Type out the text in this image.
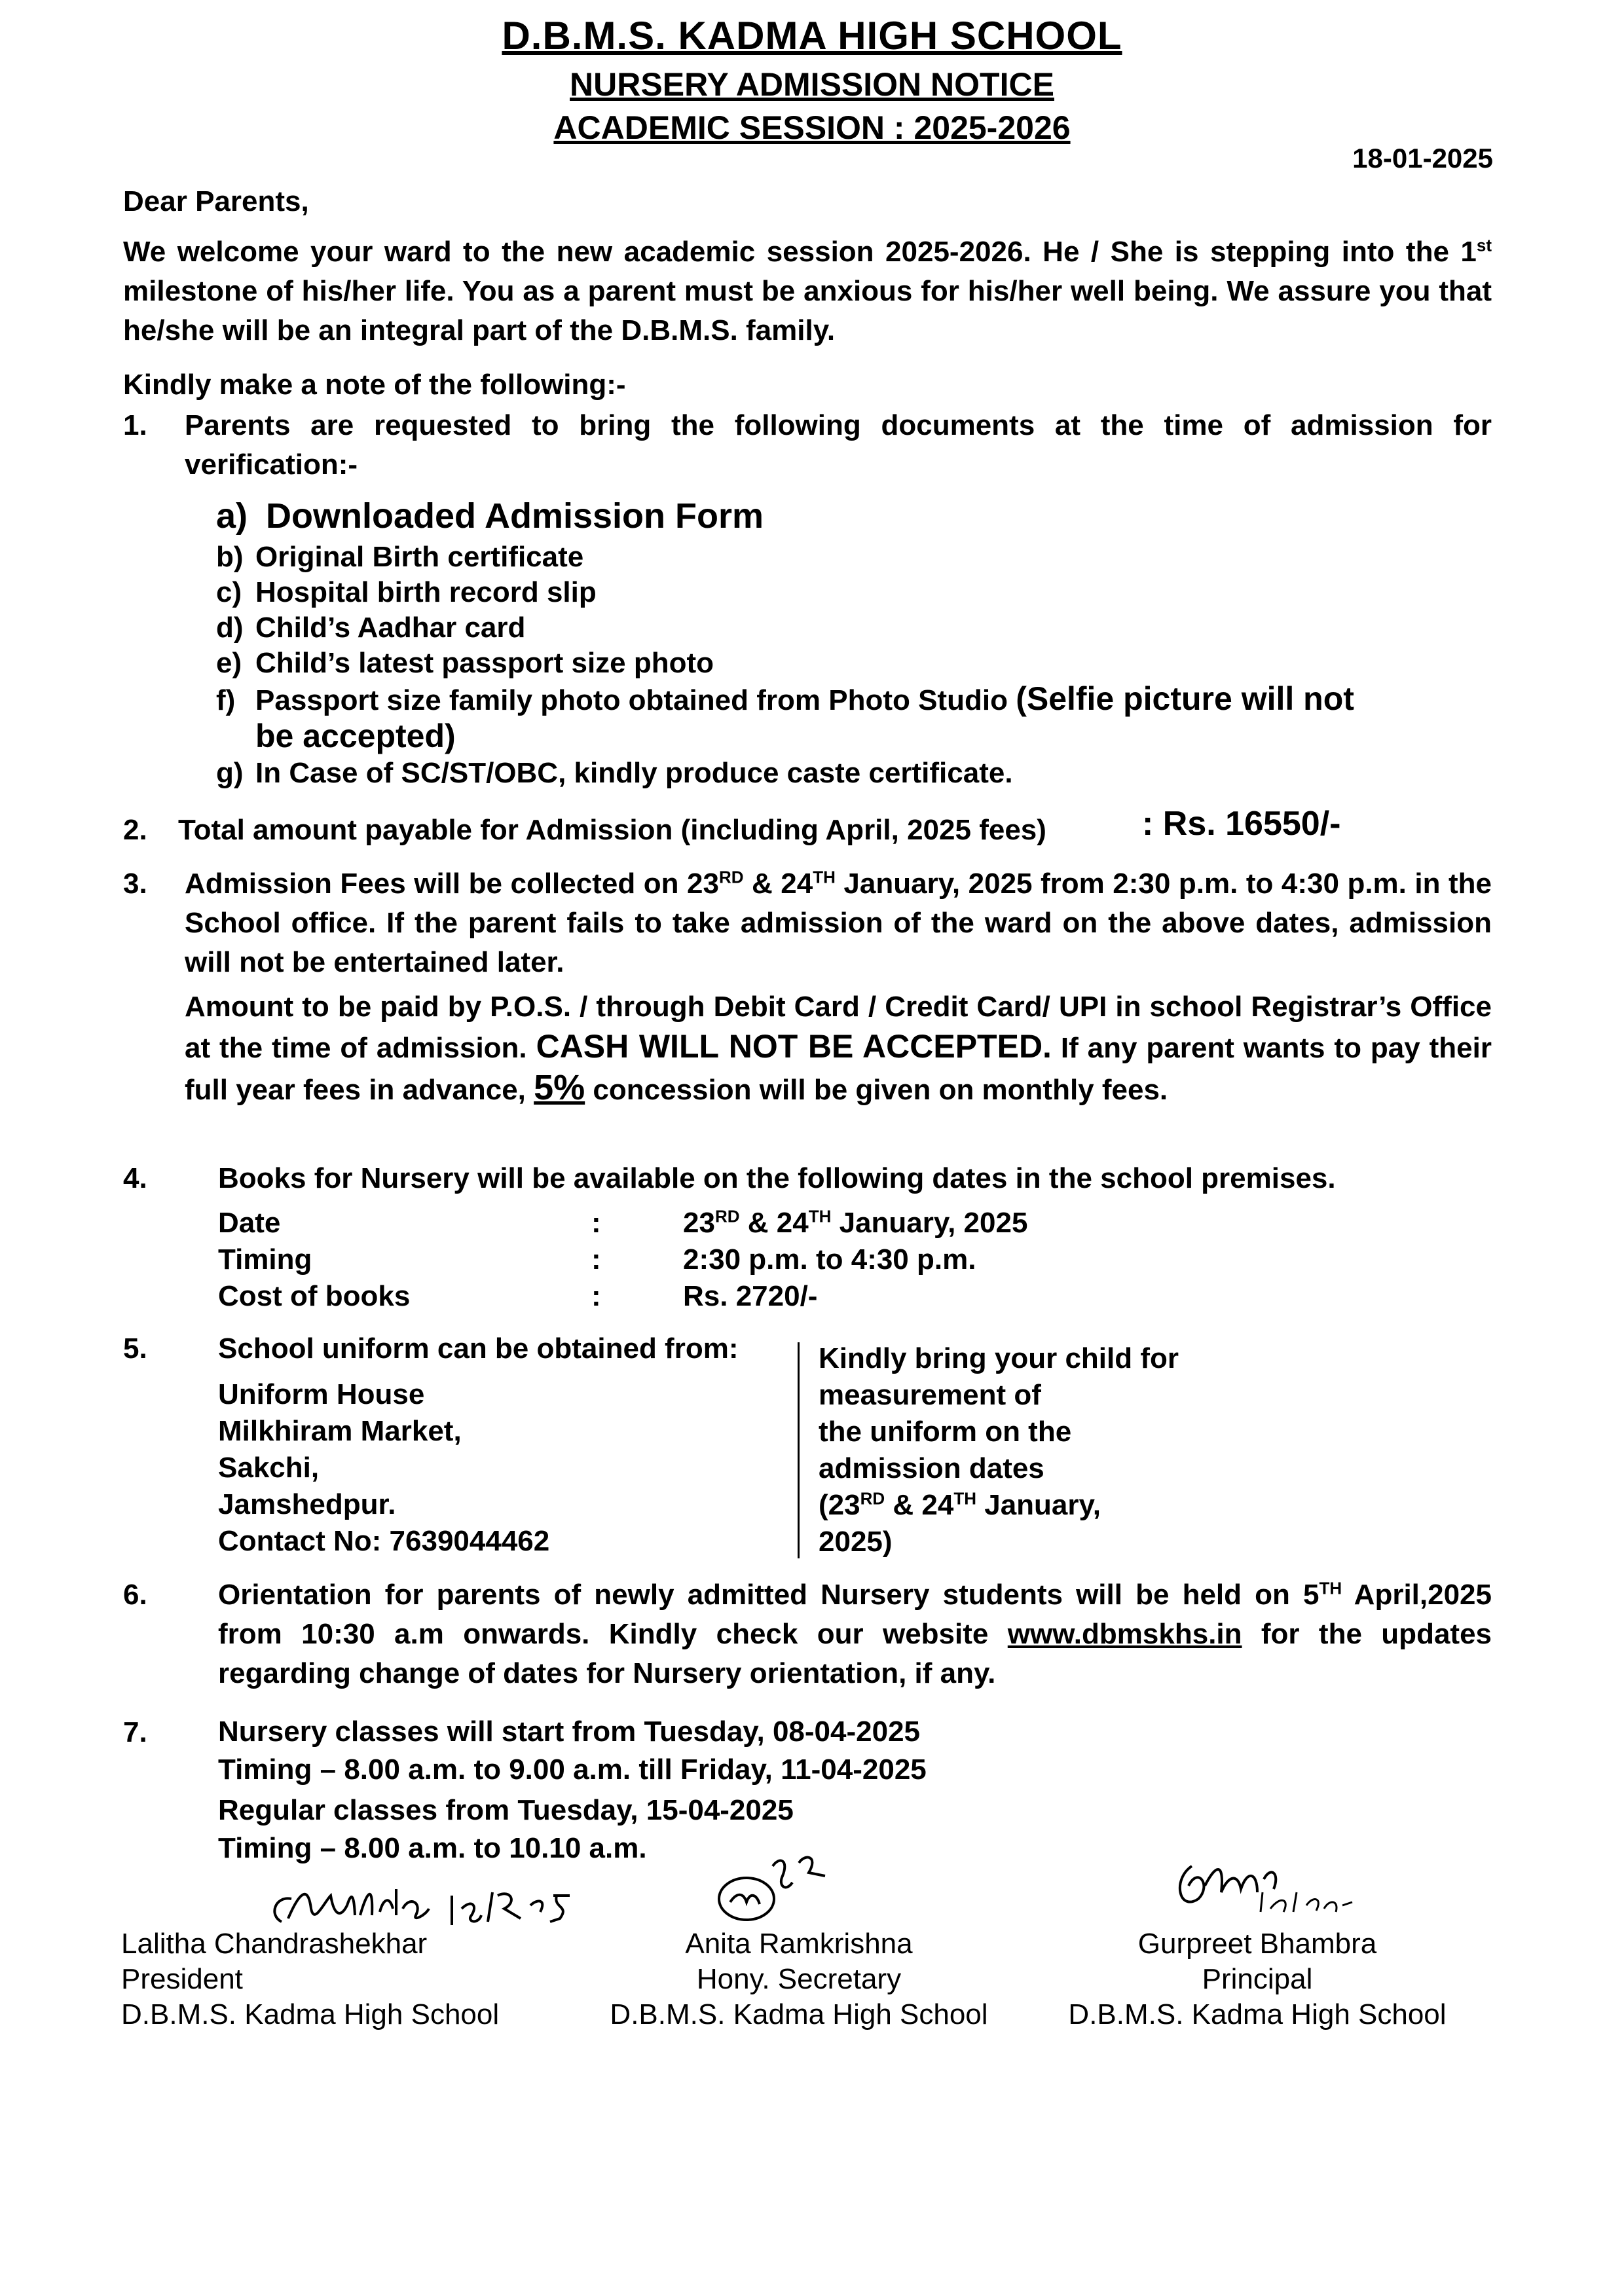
D.B.M.S. KADMA HIGH SCHOOL
NURSERY ADMISSION NOTICE
ACADEMIC SESSION : 2025-2026
18-01-2025
Dear Parents,
We welcome your ward to the new academic session 2025-2026. He / She is stepping into the 1st milestone of his/her life. You as a parent must be anxious for his/her well being. We assure you that he/she will be an integral part of the D.B.M.S. family.
Kindly make a note of the following:-
1. Parents are requested to bring the following documents at the time of admission for verification:-
a) Downloaded Admission Form
b) Original Birth certificate
c) Hospital birth record slip
d) Child’s Aadhar card
e) Child’s latest passport size photo
f) Passport size family photo obtained from Photo Studio (Selfie picture will not
be accepted)
g) In Case of SC/ST/OBC, kindly produce caste certificate.
2. Total amount payable for Admission (including April, 2025 fees)	: Rs. 16550/-
3. Admission Fees will be collected on 23RD & 24TH January, 2025 from 2:30 p.m. to 4:30 p.m. in the School office. If the parent fails to take admission of the ward on the above dates, admission will not be entertained later.
Amount to be paid by P.O.S. / through Debit Card / Credit Card/ UPI in school Registrar’s Office at the time of admission. CASH WILL NOT BE ACCEPTED. If any parent wants to pay their full year fees in advance, 5% concession will be given on monthly fees.
4. Books for Nursery will be available on the following dates in the school premises.
Date	:	23RD & 24TH January, 2025
Timing	:	2:30 p.m. to 4:30 p.m.
Cost of books	:	Rs. 2720/-
5. School uniform can be obtained from:
Uniform House
Milkhiram Market,
Sakchi,
Jamshedpur.
Contact No: 7639044462
Kindly bring your child for
measurement of
the uniform on the
admission dates
(23RD & 24TH January,
2025)
6. Orientation for parents of newly admitted Nursery students will be held on 5TH April,2025 from 10:30 a.m onwards. Kindly check our website www.dbmskhs.in for the updates regarding change of dates for Nursery orientation, if any.
7. Nursery classes will start from Tuesday, 08-04-2025
Timing – 8.00 a.m. to 9.00 a.m. till Friday, 11-04-2025
Regular classes from Tuesday, 15-04-2025
Timing – 8.00 a.m. to 10.10 a.m.
Lalitha Chandrashekhar
President
D.B.M.S. Kadma High School
Anita Ramkrishna
Hony. Secretary
D.B.M.S. Kadma High School
Gurpreet Bhambra
Principal
D.B.M.S. Kadma High School
